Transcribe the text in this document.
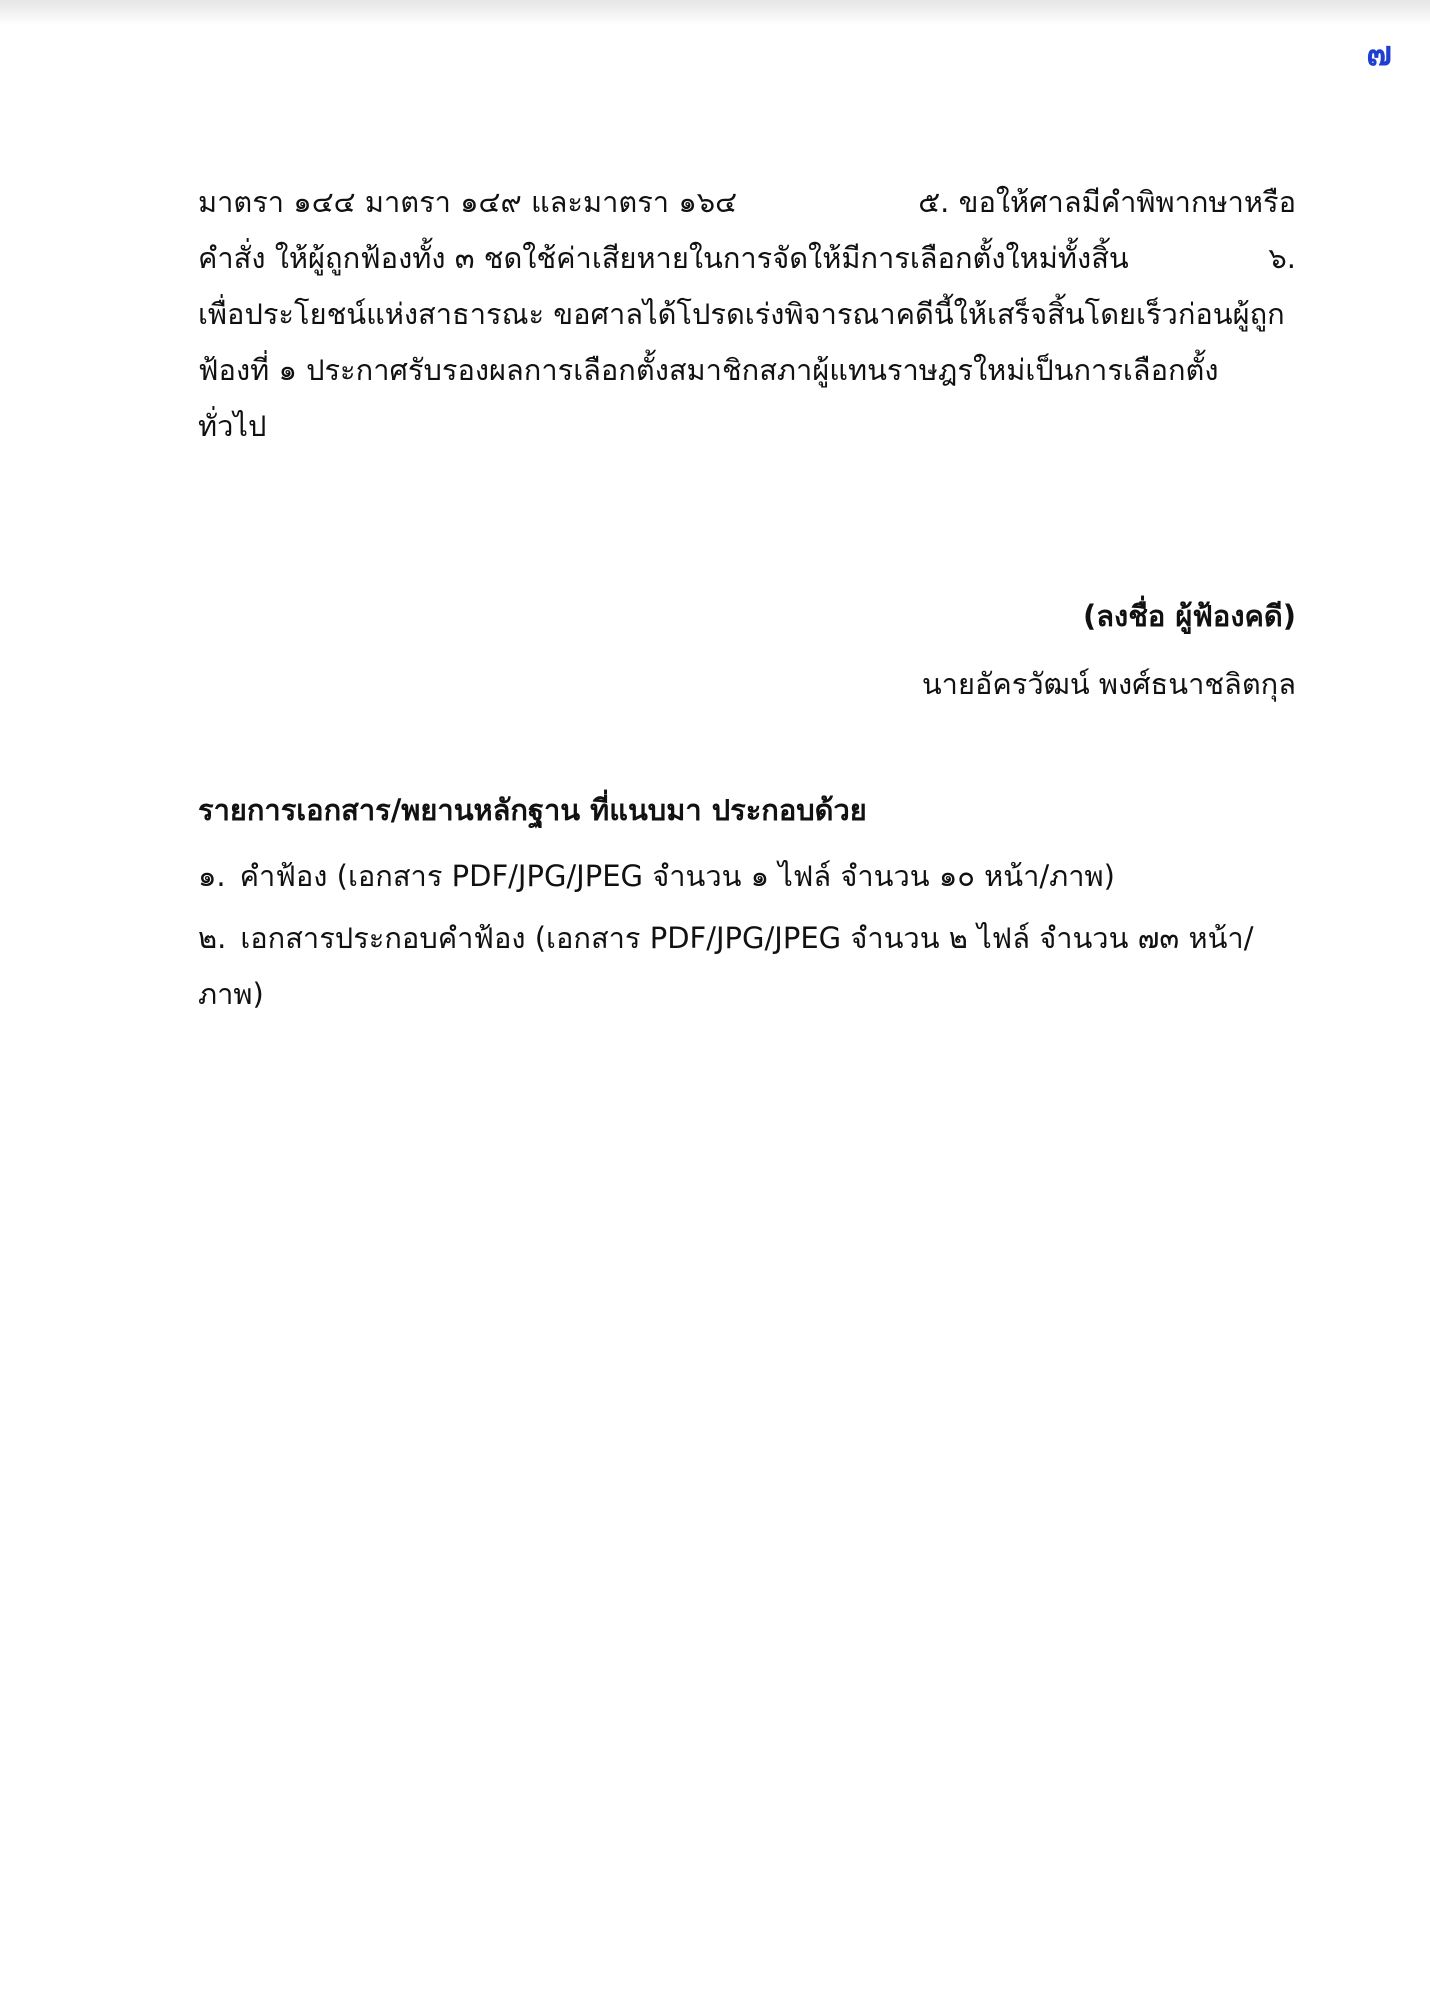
๗
มาตรา ๑๔๔ มาตรา ๑๔๙ และมาตรา ๑๖๔	๕. ขอให้ศาลมีคำพิพากษาหรือ
คำสั่ง ให้ผู้ถูกฟ้องทั้ง ๓ ชดใช้ค่าเสียหายในการจัดให้มีการเลือกตั้งใหม่ทั้งสิ้น	๖.
เพื่อประโยชน์แห่งสาธารณะ ขอศาลได้โปรดเร่งพิจารณาคดีนี้ให้เสร็จสิ้นโดยเร็วก่อนผู้ถูก
ฟ้องที่ ๑ ประกาศรับรองผลการเลือกตั้งสมาชิกสภาผู้แทนราษฎรใหม่เป็นการเลือกตั้ง
ทั่วไป
(ลงชื่อ ผู้ฟ้องคดี)
นายอัครวัฒน์ พงศ์ธนาชลิตกุล
รายการเอกสาร/พยานหลักฐาน ที่แนบมา ประกอบด้วย
๑. คำฟ้อง (เอกสาร PDF/JPG/JPEG จำนวน ๑ ไฟล์ จำนวน ๑๐ หน้า/ภาพ)
๒. เอกสารประกอบคำฟ้อง (เอกสาร PDF/JPG/JPEG จำนวน ๒ ไฟล์ จำนวน ๗๓ หน้า/
ภาพ)
